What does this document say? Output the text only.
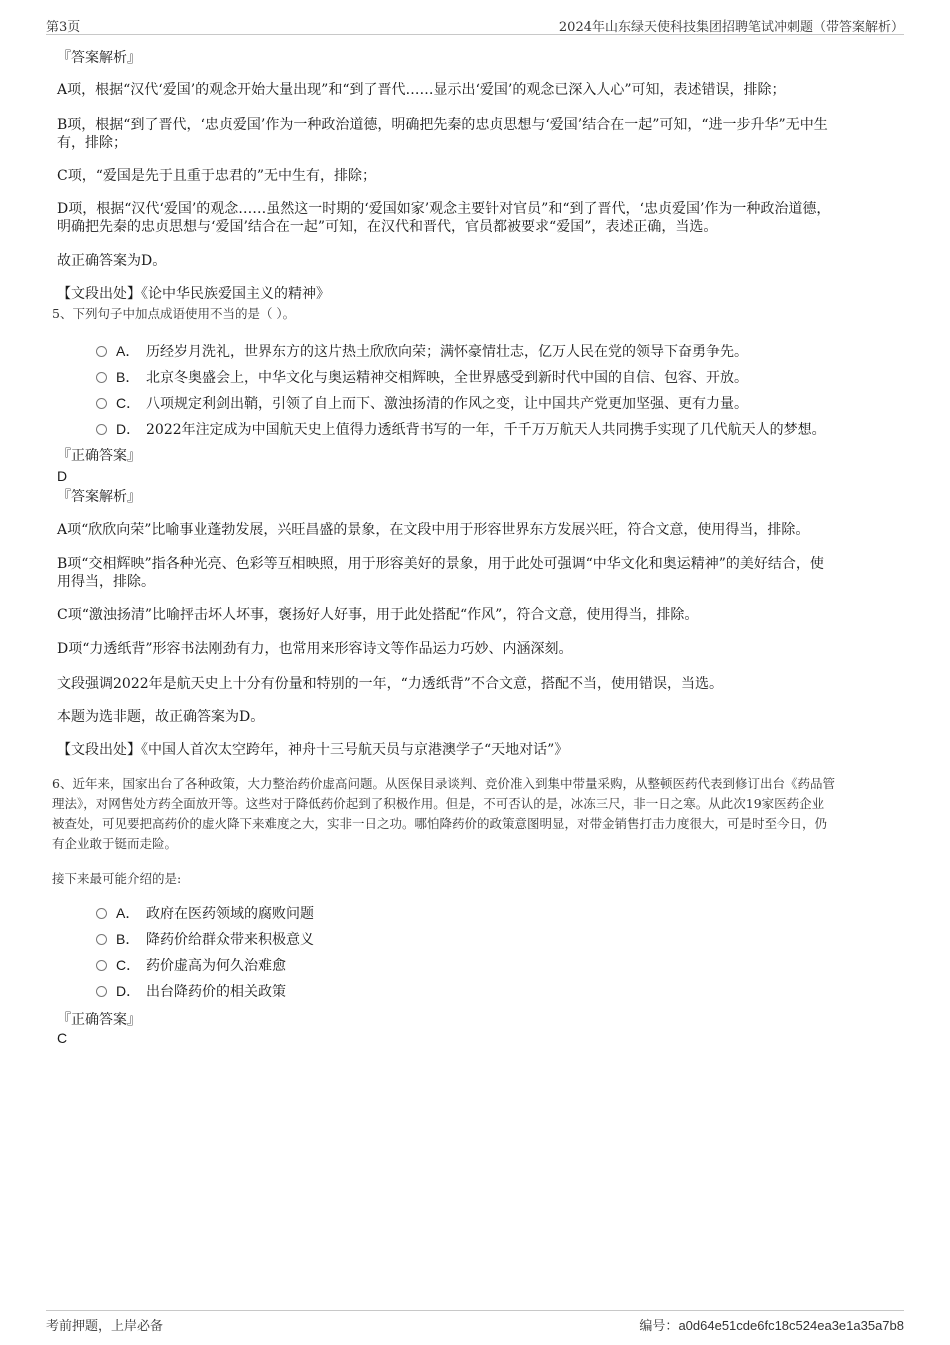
第3页	2024年山东绿天使科技集团招聘笔试冲刺题（带答案解析）
『答案解析』
A项，根据“汉代‘爱国’的观念开始大量出现”和“到了晋代……显示出‘爱国’的观念已深入人心”可知，表述错误，排除；
B项，根据“到了晋代，‘忠贞爱国’作为一种政治道德，明确把先秦的忠贞思想与‘爱国’结合在一起”可知，“进一步升华”无中生
有，排除；
C项，“爱国是先于且重于忠君的”无中生有，排除；
D项，根据“汉代‘爱国’的观念……虽然这一时期的‘爱国如家’观念主要针对官员”和“到了晋代，‘忠贞爱国’作为一种政治道德，
明确把先秦的忠贞思想与‘爱国’结合在一起”可知，在汉代和晋代，官员都被要求“爱国”，表述正确，当选。
故正确答案为D。
【文段出处】《论中华民族爱国主义的精神》
5、下列句子中加点成语使用不当的是（ ）。
A． 历经岁月洗礼，世界东方的这片热土欣欣向荣；满怀豪情壮志，亿万人民在党的领导下奋勇争先。
B． 北京冬奥盛会上，中华文化与奥运精神交相辉映，全世界感受到新时代中国的自信、包容、开放。
C． 八项规定利剑出鞘，引领了自上而下、激浊扬清的作风之变，让中国共产党更加坚强、更有力量。
D． 2022年注定成为中国航天史上值得力透纸背书写的一年，千千万万航天人共同携手实现了几代航天人的梦想。
『正确答案』
D
『答案解析』
A项“欣欣向荣”比喻事业蓬勃发展，兴旺昌盛的景象，在文段中用于形容世界东方发展兴旺，符合文意，使用得当，排除。
B项“交相辉映”指各种光亮、色彩等互相映照，用于形容美好的景象，用于此处可强调“中华文化和奥运精神”的美好结合，使
用得当，排除。
C项“激浊扬清”比喻抨击坏人坏事，褒扬好人好事，用于此处搭配“作风”，符合文意，使用得当，排除。
D项“力透纸背”形容书法刚劲有力，也常用来形容诗文等作品运力巧妙、内涵深刻。
文段强调2022年是航天史上十分有份量和特别的一年，“力透纸背”不合文意，搭配不当，使用错误，当选。
本题为选非题，故正确答案为D。
【文段出处】《中国人首次太空跨年，神舟十三号航天员与京港澳学子“天地对话”》
6、近年来，国家出台了各种政策，大力整治药价虚高问题。从医保目录谈判、竞价准入到集中带量采购，从整顿医药代表到修订出台《药品管
理法》，对网售处方药全面放开等。这些对于降低药价起到了积极作用。但是，不可否认的是，冰冻三尺，非一日之寒。从此次19家医药企业
被查处，可见要把高药价的虚火降下来难度之大，实非一日之功。哪怕降药价的政策意图明显，对带金销售打击力度很大，可是时至今日，仍
有企业敢于铤而走险。
接下来最可能介绍的是:
A． 政府在医药领域的腐败问题
B． 降药价给群众带来积极意义
C． 药价虚高为何久治难愈
D． 出台降药价的相关政策
『正确答案』
C
考前押题，上岸必备	编号：a0d64e51cde6fc18c524ea3e1a35a7b8
